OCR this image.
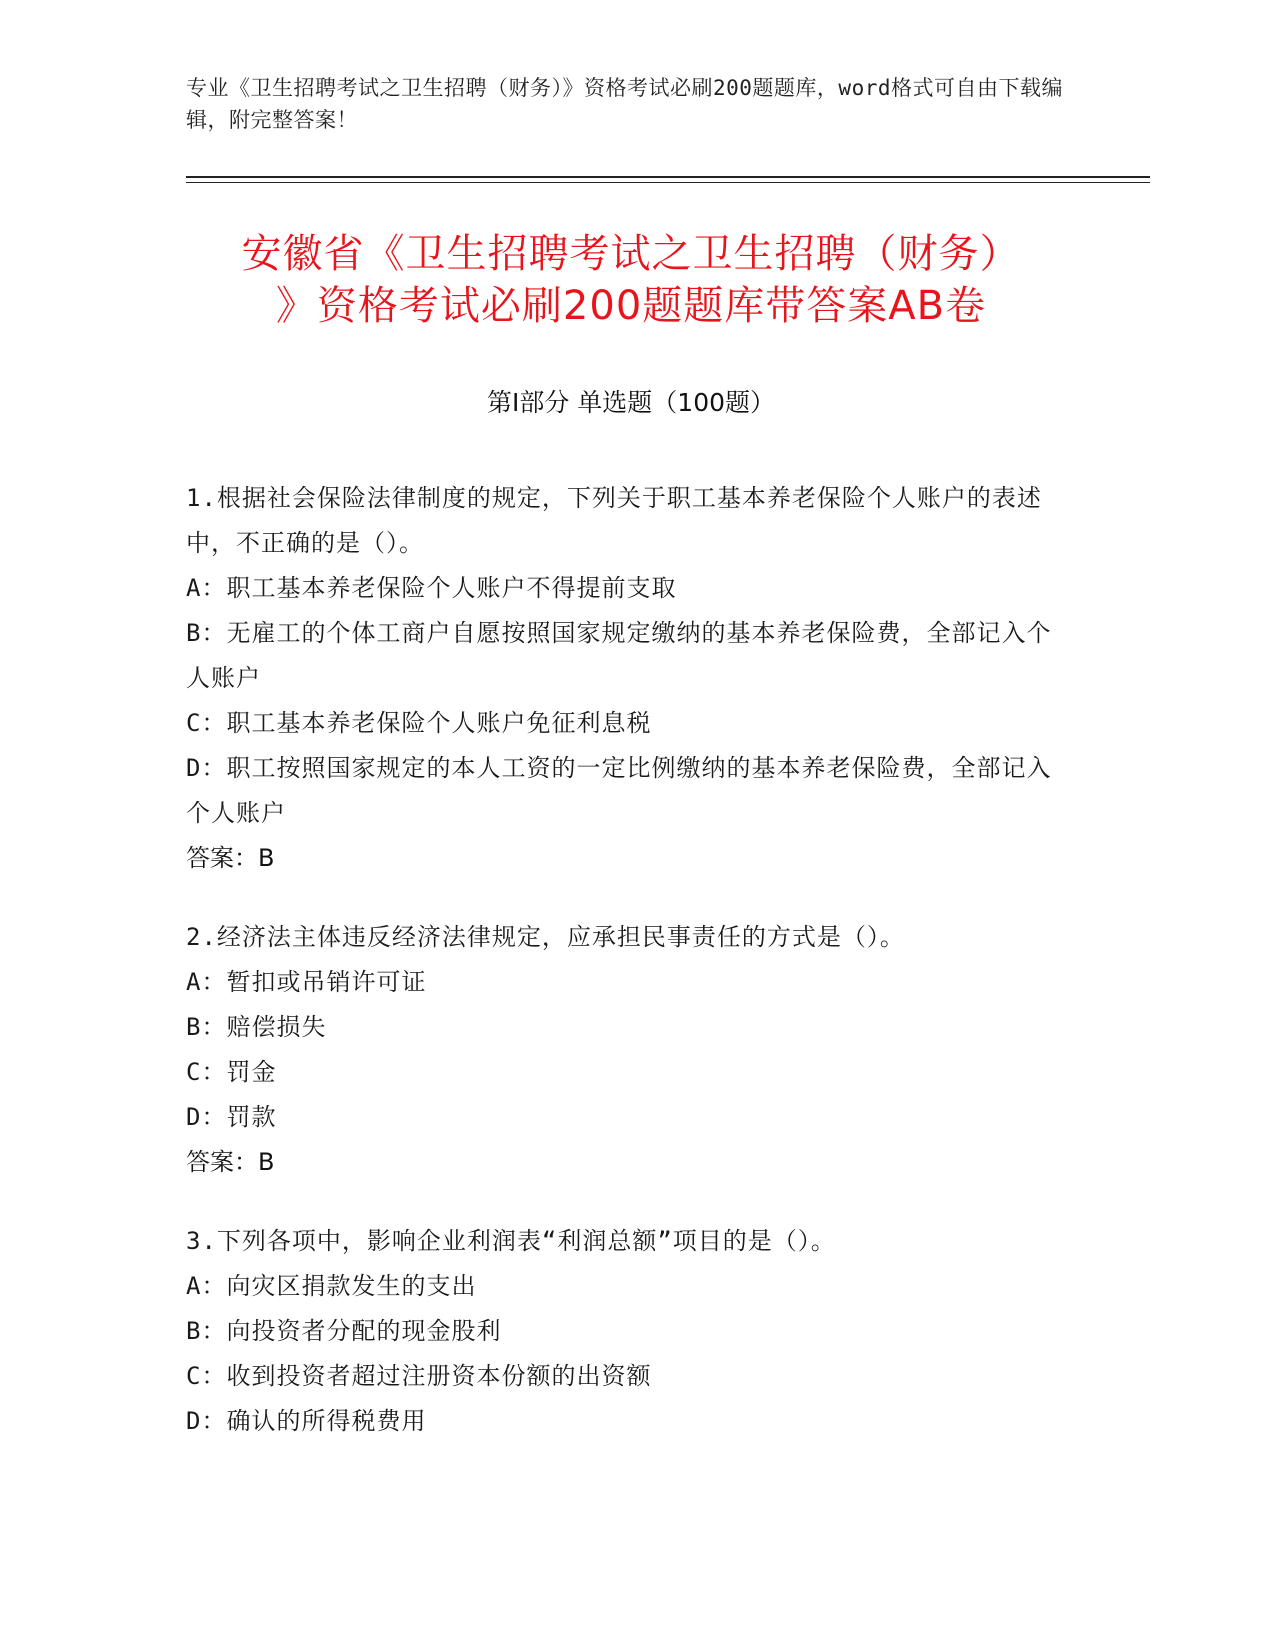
专业《卫生招聘考试之卫生招聘（财务）》资格考试必刷200题题库，word格式可自由下载编辑，附完整答案！
安徽省《卫生招聘考试之卫生招聘（财务）
》资格考试必刷200题题库带答案AB卷
第Ⅰ部分 单选题（100题）
1.根据社会保险法律制度的规定，下列关于职工基本养老保险个人账户的表述中，不正确的是（）。
A：职工基本养老保险个人账户不得提前支取
B：无雇工的个体工商户自愿按照国家规定缴纳的基本养老保险费，全部记入个人账户
C：职工基本养老保险个人账户免征利息税
D：职工按照国家规定的本人工资的一定比例缴纳的基本养老保险费，全部记入个人账户
答案：B
2.经济法主体违反经济法律规定，应承担民事责任的方式是（）。
A：暂扣或吊销许可证
B：赔偿损失
C：罚金
D：罚款
答案：B
3.下列各项中，影响企业利润表“利润总额”项目的是（）。
A：向灾区捐款发生的支出
B：向投资者分配的现金股利
C：收到投资者超过注册资本份额的出资额
D：确认的所得税费用
